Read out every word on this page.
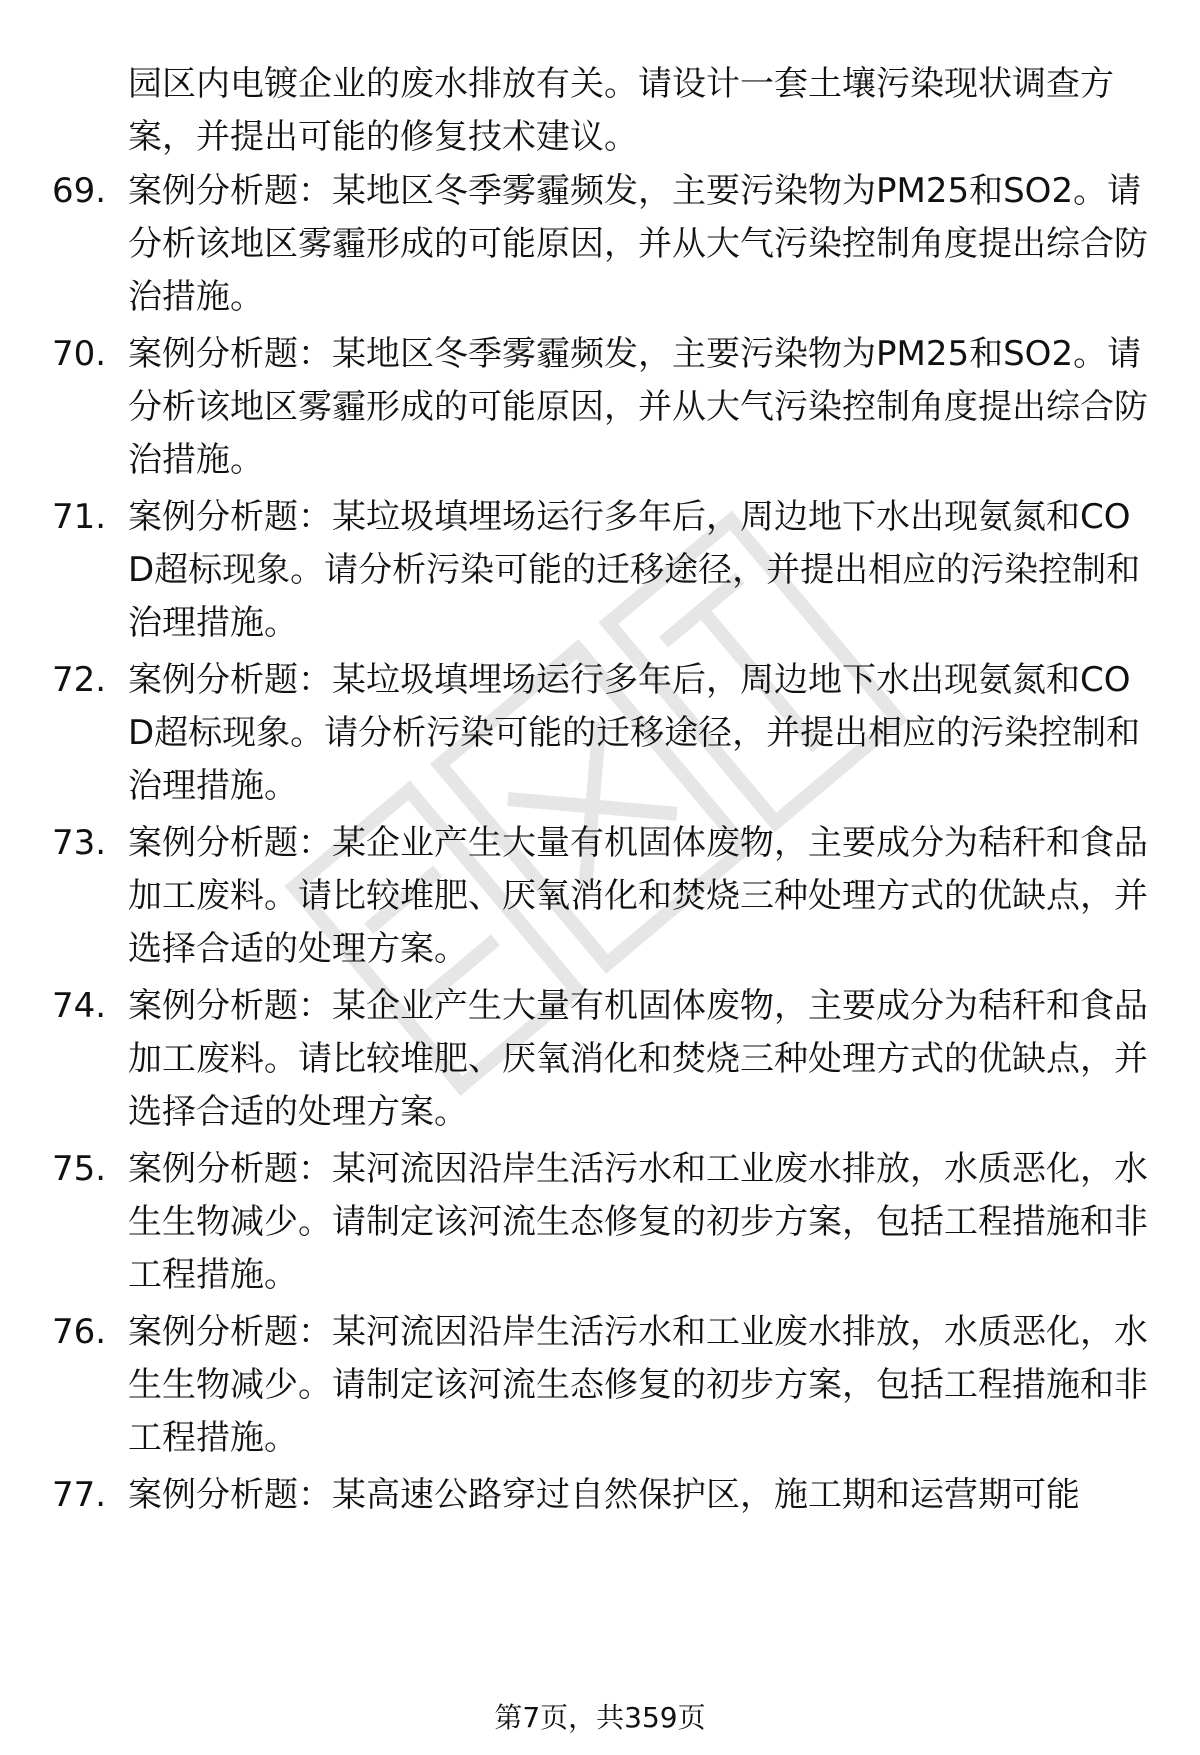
园区内电镀企业的废水排放有关。请设计一套土壤污染现状调查方案，并提出可能的修复技术建议。

69. 案例分析题：某地区冬季雾霾频发，主要污染物为PM25和SO2。请分析该地区雾霾形成的可能原因，并从大气污染控制角度提出综合防治措施。
70. 案例分析题：某地区冬季雾霾频发，主要污染物为PM25和SO2。请分析该地区雾霾形成的可能原因，并从大气污染控制角度提出综合防治措施。
71. 案例分析题：某垃圾填埋场运行多年后，周边地下水出现氨氮和COD超标现象。请分析污染可能的迁移途径，并提出相应的污染控制和治理措施。
72. 案例分析题：某垃圾填埋场运行多年后，周边地下水出现氨氮和COD超标现象。请分析污染可能的迁移途径，并提出相应的污染控制和治理措施。
73. 案例分析题：某企业产生大量有机固体废物，主要成分为秸秆和食品加工废料。请比较堆肥、厌氧消化和焚烧三种处理方式的优缺点，并选择合适的处理方案。
74. 案例分析题：某企业产生大量有机固体废物，主要成分为秸秆和食品加工废料。请比较堆肥、厌氧消化和焚烧三种处理方式的优缺点，并选择合适的处理方案。
75. 案例分析题：某河流因沿岸生活污水和工业废水排放，水质恶化，水生生物减少。请制定该河流生态修复的初步方案，包括工程措施和非工程措施。
76. 案例分析题：某河流因沿岸生活污水和工业废水排放，水质恶化，水生生物减少。请制定该河流生态修复的初步方案，包括工程措施和非工程措施。
77. 案例分析题：某高速公路穿过自然保护区，施工期和运营期可能
第7页，共359页
